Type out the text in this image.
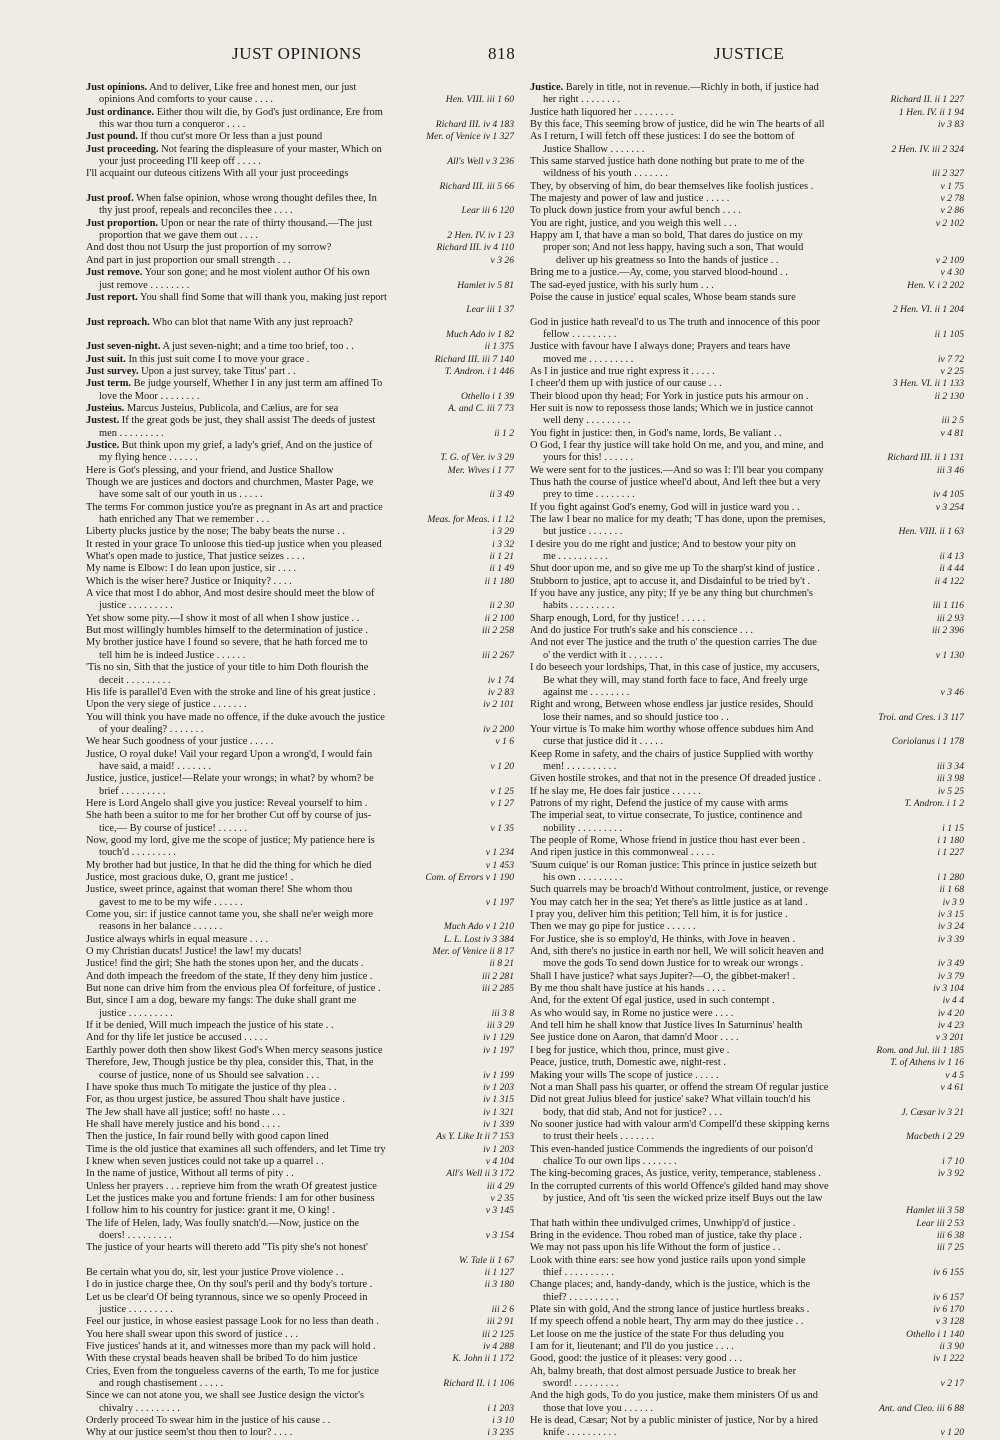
JUST OPINIONS	818	JUSTICE
Just opinions. And to deliver, Like free and honest men, our just
opinions And comforts to your cause . . . .	Hen. VIII. iii 1 60
Just ordinance. Either thou wilt die, by God's just ordinance, Ere from
this war thou turn a conqueror . . . .	Richard III. iv 4 183
Just pound. If thou cut'st more Or less than a just pound	Mer. of Venice iv 1 327
Just proceeding. Not fearing the displeasure of your master, Which on
your just proceeding I'll keep off . . . . .	All's Well v 3 236
I'll acquaint our duteous citizens With all your just proceedings
Richard III. iii 5 66
Just proof. When false opinion, whose wrong thought defiles thee, In
thy just proof, repeals and reconciles thee . . . .	Lear iii 6 120
Just proportion. Upon or near the rate of thirty thousand.—The just
proportion that we gave them out . . . .	2 Hen. IV. iv 1 23
And dost thou not Usurp the just proportion of my sorrow?	Richard III. iv 4 110
And part in just proportion our small strength . . .	v 3 26
Just remove. Your son gone; and he most violent author Of his own
just remove . . . . . . . .	Hamlet iv 5 81
Just report. You shall find Some that will thank you, making just report
Lear iii 1 37
Just reproach. Who can blot that name With any just reproach?
Much Ado iv 1 82
Just seven-night. A just seven-night; and a time too brief, too . .	ii 1 375
Just suit. In this just suit come I to move your grace .	Richard III. iii 7 140
Just survey. Upon a just survey, take Titus' part . .	T. Andron. i 1 446
Just term. Be judge yourself, Whether I in any just term am affined To
love the Moor . . . . . . . .	Othello i 1 39
Justeius. Marcus Justeius, Publicola, and Cælius, are for sea	A. and C. iii 7 73
Justest. If the great gods be just, they shall assist The deeds of justest
men . . . . . . . . .	ii 1 2
Justice. But think upon my grief, a lady's grief, And on the justice of
my flying hence . . . . . .	T. G. of Ver. iv 3 29
Here is Got's plessing, and your friend, and Justice Shallow	Mer. Wives i 1 77
Though we are justices and doctors and churchmen, Master Page, we
have some salt of our youth in us . . . . .	ii 3 49
The terms For common justice you're as pregnant in As art and practice
hath enriched any That we remember . . .	Meas. for Meas. i 1 12
Liberty plucks justice by the nose; The baby beats the nurse . .	i 3 29
It rested in your grace To unloose this tied-up justice when you pleased	i 3 32
What's open made to justice, That justice seizes . . . .	ii 1 21
My name is Elbow: I do lean upon justice, sir . . . .	ii 1 49
Which is the wiser here? Justice or Iniquity? . . . .	ii 1 180
A vice that most I do abhor, And most desire should meet the blow of
justice . . . . . . . . .	ii 2 30
Yet show some pity.—I show it most of all when I show justice . .	ii 2 100
But most willingly humbles himself to the determination of justice .	iii 2 258
My brother justice have I found so severe, that he hath forced me to
tell him he is indeed Justice . . . . . .	iii 2 267
'Tis no sin, Sith that the justice of your title to him Doth flourish the
deceit . . . . . . . . .	iv 1 74
His life is parallel'd Even with the stroke and line of his great justice .	iv 2 83
Upon the very siege of justice . . . . . . .	iv 2 101
You will think you have made no offence, if the duke avouch the justice
of your dealing? . . . . . . .	iv 2 200
We hear Such goodness of your justice . . . . .	v 1 6
Justice, O royal duke! Vail your regard Upon a wrong'd, I would fain
have said, a maid! . . . . . . .	v 1 20
Justice, justice, justice!—Relate your wrongs; in what? by whom? be
brief . . . . . . . . .	v 1 25
Here is Lord Angelo shall give you justice: Reveal yourself to him .	v 1 27
She hath been a suitor to me for her brother Cut off by course of jus-
tice,— By course of justice! . . . . . .	v 1 35
Now, good my lord, give me the scope of justice; My patience here is
touch'd . . . . . . . . .	v 1 234
My brother had but justice, In that he did the thing for which he died	v 1 453
Justice, most gracious duke, O, grant me justice! .	Com. of Errors v 1 190
Justice, sweet prince, against that woman there! She whom thou
gavest to me to be my wife . . . . . .	v 1 197
Come you, sir: if justice cannot tame you, she shall ne'er weigh more
reasons in her balance . . . . . .	Much Ado v 1 210
Justice always whirls in equal measure . . . .	L. L. Lost iv 3 384
O my Christian ducats! Justice! the law! my ducats!	Mer. of Venice ii 8 17
Justice! find the girl; She hath the stones upon her, and the ducats .	ii 8 21
And doth impeach the freedom of the state, If they deny him justice .	iii 2 281
But none can drive him from the envious plea Of forfeiture, of justice .	iii 2 285
But, since I am a dog, beware my fangs: The duke shall grant me
justice . . . . . . . . .	iii 3 8
If it be denied, Will much impeach the justice of his state . .	iii 3 29
And for thy life let justice be accused . . . . .	iv 1 129
Earthly power doth then show likest God's When mercy seasons justice	iv 1 197
Therefore, Jew, Though justice be thy plea, consider this, That, in the
course of justice, none of us Should see salvation . . .	iv 1 199
I have spoke thus much To mitigate the justice of thy plea . .	iv 1 203
For, as thou urgest justice, be assured Thou shalt have justice .	iv 1 315
The Jew shall have all justice; soft! no haste . . .	iv 1 321
He shall have merely justice and his bond . . . .	iv 1 339
Then the justice, In fair round belly with good capon lined	As Y. Like It ii 7 153
Time is the old justice that examines all such offenders, and let Time try	iv 1 203
I knew when seven justices could not take up a quarrel . .	v 4 104
In the name of justice, Without all terms of pity . .	All's Well ii 3 172
Unless her prayers . . . reprieve him from the wrath Of greatest justice	iii 4 29
Let the justices make you and fortune friends: I am for other business	v 2 35
I follow him to his country for justice: grant it me, O king! .	v 3 145
The life of Helen, lady, Was foully snatch'd.—Now, justice on the
doers! . . . . . . . . .	v 3 154
The justice of your hearts will thereto add ''Tis pity she's not honest'
W. Tale ii 1 67
Be certain what you do, sir, lest your justice Prove violence . .	ii 1 127
I do in justice charge thee, On thy soul's peril and thy body's torture .	ii 3 180
Let us be clear'd Of being tyrannous, since we so openly Proceed in
justice . . . . . . . . .	iii 2 6
Feel our justice, in whose easiest passage Look for no less than death .	iii 2 91
You here shall swear upon this sword of justice . . .	iii 2 125
Five justices' hands at it, and witnesses more than my pack will hold .	iv 4 288
With these crystal beads heaven shall be bribed To do him justice	K. John ii 1 172
Cries, Even from the tongueless caverns of the earth, To me for justice
and rough chastisement . . . . .	Richard II. i 1 106
Since we can not atone you, we shall see Justice design the victor's
chivalry . . . . . . . . .	i 1 203
Orderly proceed To swear him in the justice of his cause . .	i 3 10
Why at our justice seem'st thou then to lour? . . . .	i 3 235
Justice. Barely in title, not in revenue.—Richly in both, if justice had
her right . . . . . . . .	Richard II. ii 1 227
Justice hath liquored her . . . . . . . .	1 Hen. IV. ii 1 94
By this face, This seeming brow of justice, did he win The hearts of all	iv 3 83
As I return, I will fetch off these justices: I do see the bottom of
Justice Shallow . . . . . . .	2 Hen. IV. iii 2 324
This same starved justice hath done nothing but prate to me of the
wildness of his youth . . . . . . .	iii 2 327
They, by observing of him, do bear themselves like foolish justices .	v 1 75
The majesty and power of law and justice . . . . .	v 2 78
To pluck down justice from your awful bench . . . .	v 2 86
You are right, justice, and you weigh this well . . .	v 2 102
Happy am I, that have a man so bold, That dares do justice on my
proper son; And not less happy, having such a son, That would
deliver up his greatness so Into the hands of justice . .	v 2 109
Bring me to a justice.—Ay, come, you starved blood-hound . .	v 4 30
The sad-eyed justice, with his surly hum . . .	Hen. V. i 2 202
Poise the cause in justice' equal scales, Whose beam stands sure
2 Hen. VI. ii 1 204
God in justice hath reveal'd to us The truth and innocence of this poor
fellow . . . . . . . . .	ii 1 105
Justice with favour have I always done; Prayers and tears have
moved me . . . . . . . . .	iv 7 72
As I in justice and true right express it . . . . .	v 2 25
I cheer'd them up with justice of our cause . . .	3 Hen. VI. ii 1 133
Their blood upon thy head; For York in justice puts his armour on .	ii 2 130
Her suit is now to repossess those lands; Which we in justice cannot
well deny . . . . . . . . .	iii 2 5
You fight in justice: then, in God's name, lords, Be valiant . .	v 4 81
O God, I fear thy justice will take hold On me, and you, and mine, and
yours for this! . . . . . .	Richard III. ii 1 131
We were sent for to the justices.—And so was I: I'll bear you company	iii 3 46
Thus hath the course of justice wheel'd about, And left thee but a very
prey to time . . . . . . . .	iv 4 105
If you fight against God's enemy, God will in justice ward you . .	v 3 254
The law I bear no malice for my death; 'T has done, upon the premises,
but justice . . . . . . .	Hen. VIII. ii 1 63
I desire you do me right and justice; And to bestow your pity on
me . . . . . . . . . .	ii 4 13
Shut door upon me, and so give me up To the sharp'st kind of justice .	ii 4 44
Stubborn to justice, apt to accuse it, and Disdainful to be tried by't .	ii 4 122
If you have any justice, any pity; If ye be any thing but churchmen's
habits . . . . . . . . .	iii 1 116
Sharp enough, Lord, for thy justice! . . . . .	iii 2 93
And do justice For truth's sake and his conscience . . .	iii 2 396
And not ever The justice and the truth o' the question carries The due
o' the verdict with it . . . . . . .	v 1 130
I do beseech your lordships, That, in this case of justice, my accusers,
Be what they will, may stand forth face to face, And freely urge
against me . . . . . . . .	v 3 46
Right and wrong, Between whose endless jar justice resides, Should
lose their names, and so should justice too . .	Troi. and Cres. i 3 117
Your virtue is To make him worthy whose offence subdues him And
curse that justice did it . . . . .	Coriolanus i 1 178
Keep Rome in safety, and the chairs of justice Supplied with worthy
men! . . . . . . . . . .	iii 3 34
Given hostile strokes, and that not in the presence Of dreaded justice .	iii 3 98
If he slay me, He does fair justice . . . . . .	iv 5 25
Patrons of my right, Defend the justice of my cause with arms	T. Andron. i 1 2
The imperial seat, to virtue consecrate, To justice, continence and
nobility . . . . . . . . .	i 1 15
The people of Rome, Whose friend in justice thou hast ever been .	i 1 180
And ripen justice in this commonweal . . . . .	i 1 227
'Suum cuique' is our Roman justice: This prince in justice seizeth but
his own . . . . . . . . .	i 1 280
Such quarrels may be broach'd Without controlment, justice, or revenge	ii 1 68
You may catch her in the sea; Yet there's as little justice as at land .	iv 3 9
I pray you, deliver him this petition; Tell him, it is for justice .	iv 3 15
Then we may go pipe for justice . . . . . .	iv 3 24
For Justice, she is so employ'd, He thinks, with Jove in heaven .	iv 3 39
And, sith there's no justice in earth nor hell, We will solicit heaven and
move the gods To send down Justice for to wreak our wrongs .	iv 3 49
Shall I have justice? what says Jupiter?—O, the gibbet-maker! .	iv 3 79
By me thou shalt have justice at his hands . . . .	iv 3 104
And, for the extent Of egal justice, used in such contempt .	iv 4 4
As who would say, in Rome no justice were . . . .	iv 4 20
And tell him he shall know that Justice lives In Saturninus' health	iv 4 23
See justice done on Aaron, that damn'd Moor . . . .	v 3 201
I beg for justice, which thou, prince, must give .	Rom. and Jul. iii 1 185
Peace, justice, truth, Domestic awe, night-rest .	T. of Athens iv 1 16
Making your wills The scope of justice . . . . .	v 4 5
Not a man Shall pass his quarter, or offend the stream Of regular justice	v 4 61
Did not great Julius bleed for justice' sake? What villain touch'd his
body, that did stab, And not for justice? . . .	J. Cæsar iv 3 21
No sooner justice had with valour arm'd Compell'd these skipping kerns
to trust their heels . . . . . . .	Macbeth i 2 29
This even-handed justice Commends the ingredients of our poison'd
chalice To our own lips . . . . . . .	i 7 10
The king-becoming graces, As justice, verity, temperance, stableness .	iv 3 92
In the corrupted currents of this world Offence's gilded hand may shove
by justice, And oft 'tis seen the wicked prize itself Buys out the law
Hamlet iii 3 58
That hath within thee undivulged crimes, Unwhipp'd of justice .	Lear iii 2 53
Bring in the evidence. Thou robed man of justice, take thy place .	iii 6 38
We may not pass upon his life Without the form of justice . .	iii 7 25
Look with thine ears: see how yond justice rails upon yond simple
thief . . . . . . . . . .	iv 6 155
Change places; and, handy-dandy, which is the justice, which is the
thief? . . . . . . . . . .	iv 6 157
Plate sin with gold, And the strong lance of justice hurtless breaks .	iv 6 170
If my speech offend a noble heart, Thy arm may do thee justice . .	v 3 128
Let loose on me the justice of the state For thus deluding you	Othello i 1 140
I am for it, lieutenant; and I'll do you justice . . . .	ii 3 90
Good, good: the justice of it pleases: very good . . .	iv 1 222
Ah, balmy breath, that dost almost persuade Justice to break her
sword! . . . . . . . . .	v 2 17
And the high gods, To do you justice, make them ministers Of us and
those that love you . . . . . .	Ant. and Cleo. iii 6 88
He is dead, Cæsar; Not by a public minister of justice, Nor by a hired
knife . . . . . . . . . .	v 1 20
